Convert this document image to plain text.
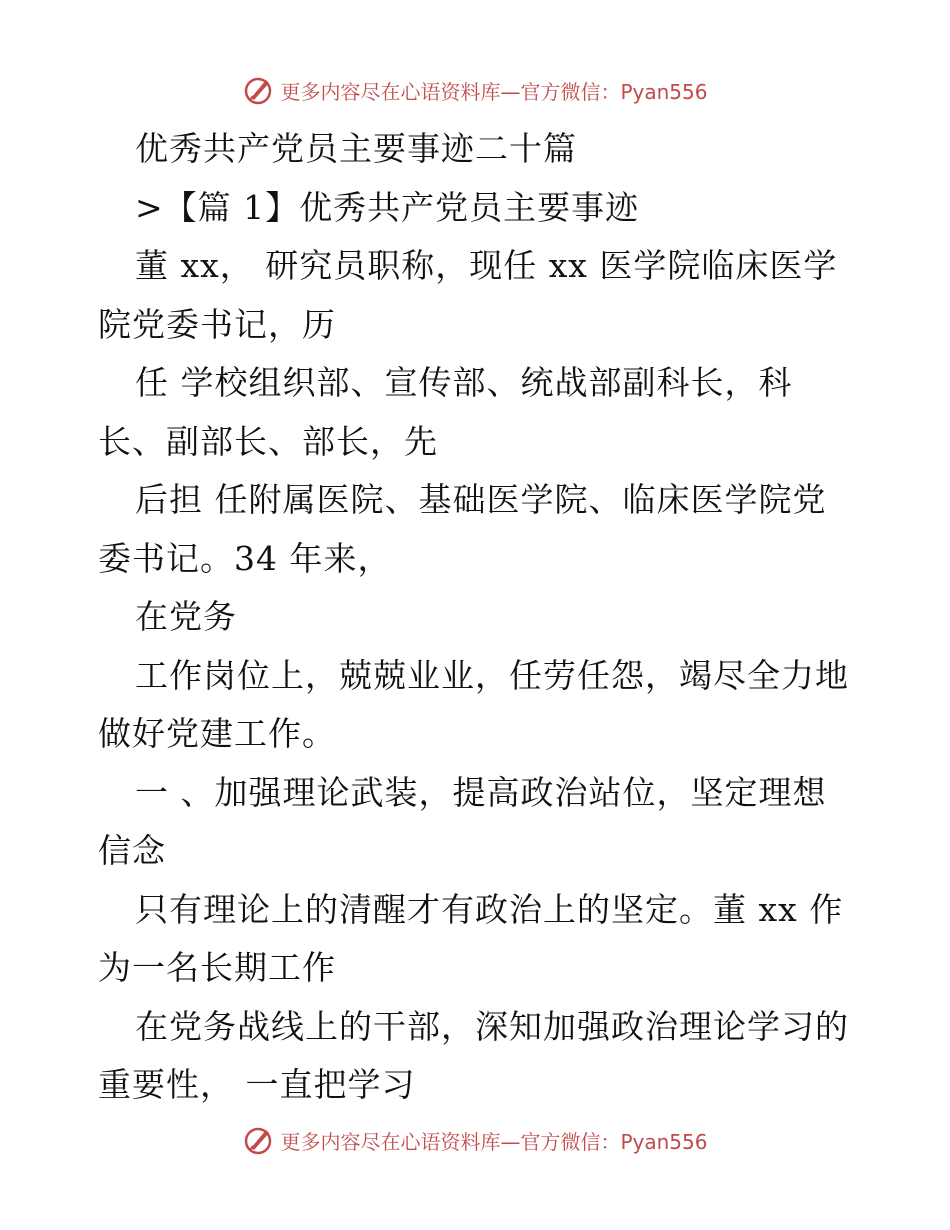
更多内容尽在心语资料库—官方微信：Pyan556
优秀共产党员主要事迹二十篇
>【篇 1】优秀共产党员主要事迹
董 xx， 研究员职称，现任 xx 医学院临床医学
院党委书记，历
任 学校组织部、宣传部、统战部副科长，科
长、副部长、部长，先
后担 任附属医院、基础医学院、临床医学院党
委书记。34 年来，
在党务
工作岗位上，兢兢业业，任劳任怨，竭尽全力地
做好党建工作。
一 、加强理论武装，提高政治站位，坚定理想
信念
只有理论上的清醒才有政治上的坚定。董 xx 作
为一名长期工作
在党务战线上的干部，深知加强政治理论学习的
重要性， 一直把学习
更多内容尽在心语资料库—官方微信：Pyan556
